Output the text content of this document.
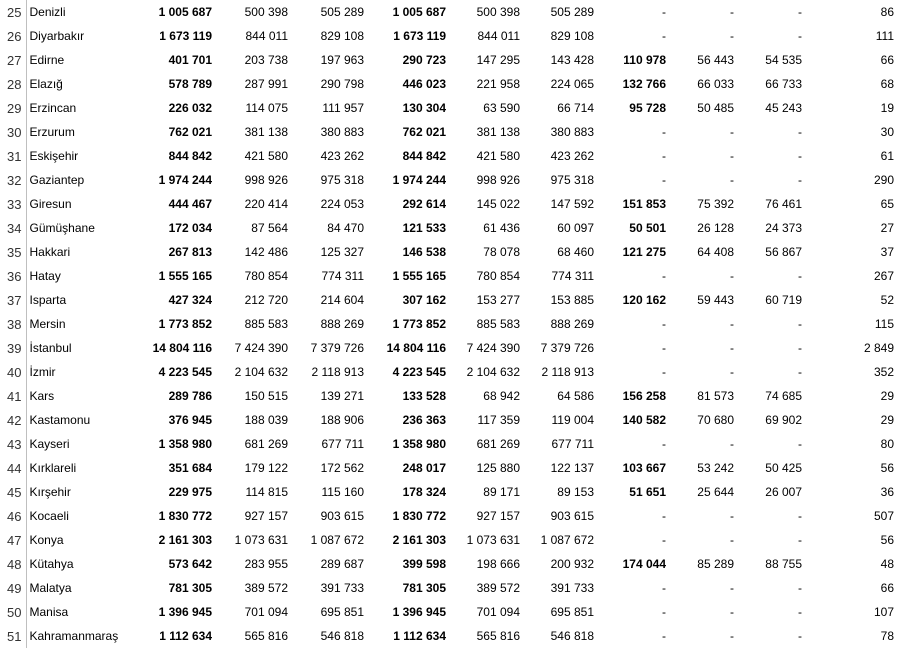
25	Denizli	1 005 687	500 398	505 289	1 005 687	500 398	505 289	-	-	-	86
26	Diyarbakır	1 673 119	844 011	829 108	1 673 119	844 011	829 108	-	-	-	111
27	Edirne	401 701	203 738	197 963	290 723	147 295	143 428	110 978	56 443	54 535	66
28	Elazığ	578 789	287 991	290 798	446 023	221 958	224 065	132 766	66 033	66 733	68
29	Erzincan	226 032	114 075	111 957	130 304	63 590	66 714	95 728	50 485	45 243	19
30	Erzurum	762 021	381 138	380 883	762 021	381 138	380 883	-	-	-	30
31	Eskişehir	844 842	421 580	423 262	844 842	421 580	423 262	-	-	-	61
32	Gaziantep	1 974 244	998 926	975 318	1 974 244	998 926	975 318	-	-	-	290
33	Giresun	444 467	220 414	224 053	292 614	145 022	147 592	151 853	75 392	76 461	65
34	Gümüşhane	172 034	87 564	84 470	121 533	61 436	60 097	50 501	26 128	24 373	27
35	Hakkari	267 813	142 486	125 327	146 538	78 078	68 460	121 275	64 408	56 867	37
36	Hatay	1 555 165	780 854	774 311	1 555 165	780 854	774 311	-	-	-	267
37	Isparta	427 324	212 720	214 604	307 162	153 277	153 885	120 162	59 443	60 719	52
38	Mersin	1 773 852	885 583	888 269	1 773 852	885 583	888 269	-	-	-	115
39	İstanbul	14 804 116	7 424 390	7 379 726	14 804 116	7 424 390	7 379 726	-	-	-	2 849
40	İzmir	4 223 545	2 104 632	2 118 913	4 223 545	2 104 632	2 118 913	-	-	-	352
41	Kars	289 786	150 515	139 271	133 528	68 942	64 586	156 258	81 573	74 685	29
42	Kastamonu	376 945	188 039	188 906	236 363	117 359	119 004	140 582	70 680	69 902	29
43	Kayseri	1 358 980	681 269	677 711	1 358 980	681 269	677 711	-	-	-	80
44	Kırklareli	351 684	179 122	172 562	248 017	125 880	122 137	103 667	53 242	50 425	56
45	Kırşehir	229 975	114 815	115 160	178 324	89 171	89 153	51 651	25 644	26 007	36
46	Kocaeli	1 830 772	927 157	903 615	1 830 772	927 157	903 615	-	-	-	507
47	Konya	2 161 303	1 073 631	1 087 672	2 161 303	1 073 631	1 087 672	-	-	-	56
48	Kütahya	573 642	283 955	289 687	399 598	198 666	200 932	174 044	85 289	88 755	48
49	Malatya	781 305	389 572	391 733	781 305	389 572	391 733	-	-	-	66
50	Manisa	1 396 945	701 094	695 851	1 396 945	701 094	695 851	-	-	-	107
51	Kahramanmaraş	1 112 634	565 816	546 818	1 112 634	565 816	546 818	-	-	-	78
